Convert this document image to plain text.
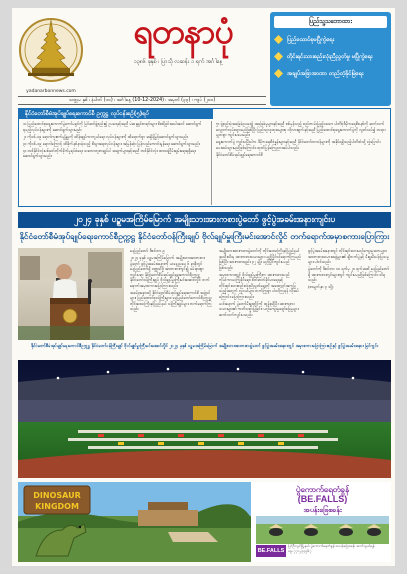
ရတနာပုံ
၁၃၈၆ ခုနှစ် ၊ ပြာသို လဆန်း ၁ ရက် အင်္ဂါနေ့
yadanarbonnews.com
သတ္တမ နှစ် ၊ နံပါတ် (၁၀) ၊ အင်္ဂါနေ့ (10-12-2024) ၊ အမှတ် (၃၃) ၊ ကျပ် (၂၀၀)
ပြည်သူ့သဘောထား
ပြည်ထောင်စုမပြိုကွဲရေး
တိုင်းရင်းသားစည်းလုံးညီညွတ်မှု မပြိုကွဲရေး
အချုပ်အခြာအာဏာ တည်တံ့ခိုင်မြဲရေး
နိုင်ငံတော်စီမံအုပ်ချုပ်ရေးကောင်စီ ဥက္ကဋ္ဌ လုပ်ငန်းစဉ်(၅)ရပ်

၁။ ပြည်ထောင်စုရွေးကောက်ပွဲကော်မရှင်ကို ပြင်ဆင်ဖွဲ့စည်း၍ ဥပဒေနှင့်အညီ မဲဆန္ဒရှင်စာရင်းများ စိစစ်ခြင်းအပါအဝင် ဆောင်ရွက်ရမည့်လုပ်ငန်းများကို ဆောင်ရွက်သွားမည်။

၂။ ကိုဗစ်-၁၉ ရောဂါကူးစက်ပျံ့နှံ့မှုကို ထိန်းချုပ်ကာကွယ်ရေး လုပ်ငန်းများကို ထိရောက်စွာ အရှိန်မြှင့်ဆောင်ရွက်သွားမည်။

၃။ ကိုဗစ်-၁၉ ရောဂါကြောင့် ထိခိုက်နစ်နာခဲ့သည့် စီးပွားရေးလုပ်ငန်းများ အမြန်ဆုံး ပြန်လည်ကောင်းမွန်ရေး ဆောင်ရွက်သွားမည်။

၄။ တစ်နိုင်ငံလုံးပစ်ခတ်တိုက်ခိုက်မှုရပ်စဲရေး သဘောတူစာချုပ်ပါ အချက်များနှင့်အညီ တစ်နိုင်ငံလုံး ထာဝရငြိမ်းချမ်းရေးရရှိရေး ဆောင်ရွက်သွားမည်။

၅။ ဖွဲ့စည်းပုံအခြေခံဥပဒေ၌ အခြေခံမူများနှင့်အညီ စစ်မှန်သည့် စည်းကမ်းပြည့်ဝသော ပါတီစုံဒီမိုကရေစီစနစ်ကို ဆက်လက်လျှောက်လှမ်းသွားမည်ဖြစ်ပြီး ပြည်သူလူထုအများစု လိုလားချက်နှင့်အညီ ပြည်ထောင်စုရွေးကောက်ပွဲကို လွတ်လပ်၍ တရားမျှတစွာ ကျင်းပပေးမည်။

ရွေးကောက်ပွဲ ကျင်းပပြီးပါက ဒီမိုကရေစီစံနှုန်းများနှင့်အညီ နိုင်ငံတော်တာဝန်များကို အနိုင်ရရှိသည့်ပါတီထံသို့ လွှဲပြောင်းပေးအပ်သွားမည်ဖြစ်ကြောင်း ထုတ်ပြန်ကြေညာအပ်ပါသည်။

နိုင်ငံတော်စီမံအုပ်ချုပ်ရေးကောင်စီ

၂၀၂၄ ခုနှစ် ပဉ္စမအကြိမ်မြောက် အမျိုးသားအားကစားပွဲတော် ဖွင့်ပွဲအခမ်းအနားကျင်းပ
နိုင်ငံတော်စီမံအုပ်ချုပ်ရေးကောင်စီဥက္ကဋ္ဌ နိုင်ငံတော်ဝန်ကြီးချုပ် ဗိုလ်ချုပ်မှူးကြီးမင်းအောင်လှိုင် တက်ရောက်အမှာစကားပြောကြား

နေပြည်တော် ဒီဇင်ဘာ ၉

၂၀၂၄ ခုနှစ် ပဉ္စမအကြိမ်မြောက် အမျိုးသားအားကစားပွဲတော် ဖွင့်ပွဲအခမ်းအနားကို ယနေ့ညနေ ၆ နာရီတွင် နေပြည်တော်ရှိ ဝဏ္ဏသိဒ္ဓိ အားကစားကွင်း၌ ခမ်းနားစွာ ကျင်းပရာ နိုင်ငံတော်စီမံအုပ်ချုပ်ရေးကောင်စီဥက္ကဋ္ဌ နိုင်ငံတော်ဝန်ကြီးချုပ် ဗိုလ်ချုပ်မှူးကြီးမင်းအောင်လှိုင် တက်ရောက်အမှာစကားပြောကြားသည်။

အခမ်းအနားသို့ နိုင်ငံတော်စီမံအုပ်ချုပ်ရေးကောင်စီ အဖွဲ့ဝင်များ၊ ပြည်ထောင်စုဝန်ကြီးများ၊ နေပြည်တော်ကောင်စီဥက္ကဋ္ဌ၊ တိုင်းဒေသကြီးနှင့်ပြည်နယ် ဝန်ကြီးချုပ်များ တက်ရောက်ကြသည်။

အမျိုးသားအားကစားပွဲတော်ကို တိုင်းဒေသကြီးနှင့်ပြည်နယ်အသီးသီးမှ အားကစားသမားများ ယှဉ်ပြိုင်ဝင်ရောက်ကြမည်ဖြစ်ပြီး အားကစားနည်း ၃၂ မျိုး ယှဉ်ပြိုင်ကျင်းပမည် ဖြစ်သည်။

အမှာစကားတွင် ဗိုလ်ချုပ်မှူးကြီးက အားကစားသည် ကိုယ်ကာယကြံ့ခိုင်ရေး၊ စိတ်ဓာတ်ခိုင်မာရေးနှင့် တိုင်းရင်းသားစည်းလုံးညီညွတ်ရေးကို အထောက်အကူပြုသည့်အတွက် လူငယ်များ တက်ကြွစွာ ပါဝင်ကြရန် လိုအပ်ကြောင်း ပြောကြားသည်။

ယင်းနောက် ပွဲတော်မီးရှူးတိုင်ကို ထွန်းညှိပြီး အားကစားသမားများ၏ ကတိသစ္စာပြုခြင်း၊ ယဉ်ကျေးမှုဖျော်ဖြေမှုများ ဆက်လက်ကျင်းပသည်။

ဖွင့်ပွဲအခမ်းအနားတွင် တိုင်းရင်းသားယဉ်ကျေးမှုအကများ၊ အားကစားသမားအဖွဲ့များ၏ ချီတက်ပွဲနှင့် မီးရှူးမီးပန်းပြသမှုများ ပါဝင်သည်။

ပွဲတော်ကို ဒီဇင်ဘာ ၁၀ ရက်မှ ၂၀ ရက်အထိ နေပြည်တော်ရှိ အားကစားကွင်းများတွင် ကျင်းပမည်ဖြစ်ကြောင်း သိရသည်။

(စာမျက်နှာ ၃ သို့)

နိုင်ငံတော်စီမံအုပ်ချုပ်ရေးကောင်စီဥက္ကဋ္ဌ နိုင်ငံတော်ဝန်ကြီးချုပ် ဗိုလ်ချုပ်မှူးကြီးမင်းအောင်လှိုင် ၂၀၂၄ ခုနှစ် ပဉ္စမအကြိမ်မြောက် အမျိုးသားအားကစားပွဲတော် ဖွင့်ပွဲအခမ်းအနားတွင် အမှာစကားပြောကြားစဉ်နှင့် ဖွင့်ပွဲအခမ်းအနား မြင်ကွင်း
DINOSAUR
KINGDOM
ပွဲကောက်ရေတံခွန်
(BE.FALLS)
အပန်းဖြေစခန်း
BE.FALLS
ပြင်ဦးလွင်မြို့နယ် ပွဲကောက်ရေတံခွန် အပန်းဖြေစခန်း ဆက်သွယ်ရန် ၀၉-၇၇၁၂၃၄၅၆၇
